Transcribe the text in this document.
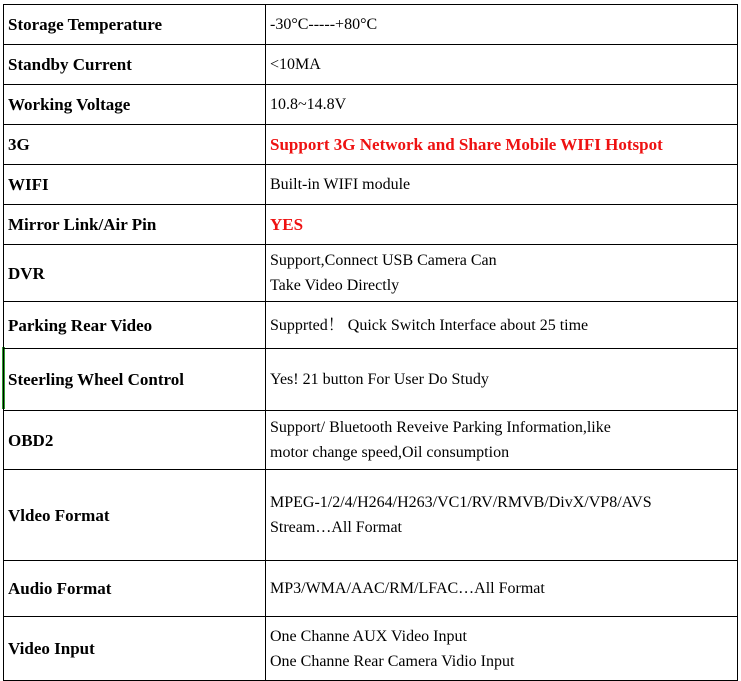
Storage Temperature	-30°C-----+80°C

Standby Current	<10MA

Working Voltage	10.8~14.8V

3G	Support 3G Network and Share Mobile WIFI Hotspot

WIFI	Built-in WIFI module

Mirror Link/Air Pin	YES

DVR	Support,Connect USB Camera Can
Take Video Directly

Parking Rear Video	Supprted！ Quick Switch Interface about 25 time

Steerling Wheel Control	Yes! 21 button For User Do Study

OBD2	Support/ Bluetooth Reveive Parking Information,like
motor change speed,Oil consumption

Vldeo Format	MPEG-1/2/4/H264/H263/VC1/RV/RMVB/DivX/VP8/AVS
Stream…All Format

Audio Format	MP3/WMA/AAC/RM/LFAC…All Format

Video Input	One Channe AUX Video Input
One Channe Rear Camera Vidio Input
